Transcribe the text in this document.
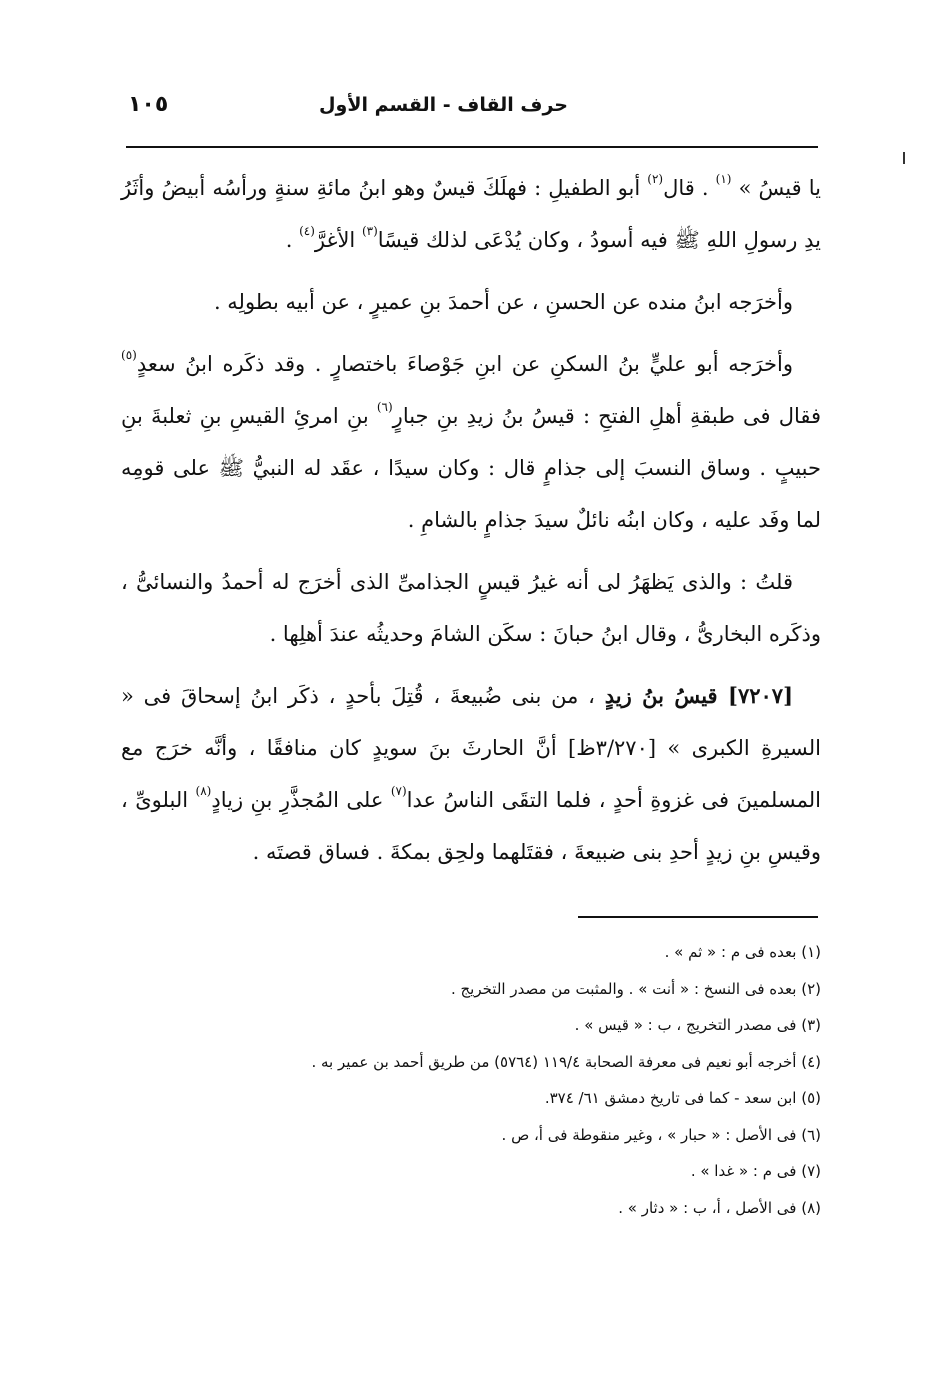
حرف القاف - القسم الأول
١٠٥

يا قيسُ » $^{(١)}$ . قال$^{(٢)}$ أبو الطفيلِ : فهلَكَ قيسٌ وهو ابنُ مائةِ سنةٍ ورأسُه أبيضُ وأثَرُ يدِ رسولِ اللهِ ﷺ فيه أسودُ ، وكان يُدْعَى لذلك قيسًا$^{(٣)}$ الأغرَّ$^{(٤)}$ .

وأخرَجه ابنُ منده عن الحسنِ ، عن أحمدَ بنِ عميرٍ ، عن أبيه بطولِه .

وأخرَجه أبو عليٍّ بنُ السكنِ عن ابنِ جَوْصاءَ باختصارٍ . وقد ذكَره ابنُ سعدٍ$^{(٥)}$ فقال فى طبقةِ أهلِ الفتحِ : قيسُ بنُ زيدِ بنِ جبارٍ$^{(٦)}$ بنِ امرئِ القيسِ بنِ ثعلبةَ بنِ حبيبٍ . وساق النسبَ إلى جذامٍ قال : وكان سيدًا ، عقَد له النبيُّ ﷺ على قومِه لما وفَد عليه ، وكان ابنُه نائلٌ سيدَ جذامٍ بالشامِ .

قلتُ : والذى يَظهَرُ لى أنه غيرُ قيسٍ الجذامىِّ الذى أخرَج له أحمدُ والنسائىُّ ، وذكَره البخارىُّ ، وقال ابنُ حبانَ : سكَن الشامَ وحديثُه عندَ أهلِها .

[٧٢٠٧] قيسُ بنُ زيدٍ ، من بنى ضُبيعةَ ، قُتِلَ بأحدٍ ، ذكَر ابنُ إسحاقَ فى « السيرةِ الكبرى » [٣/٢٧٠ظ] أنَّ الحارثَ بنَ سويدٍ كان منافقًا ، وأنَّه خرَج مع المسلمينَ فى غزوةِ أحدٍ ، فلما التقَى الناسُ عدا$^{(٧)}$ على المُجذَّرِ بنِ زيادٍ$^{(٨)}$ البلوىِّ ، وقيسِ بنِ زيدٍ أحدِ بنى ضبيعةَ ، فقتَلهما ولحِق بمكةَ . فساق قصتَه .

(١) بعده فى م : « ثم » .
(٢) بعده فى النسخ : « أنت » . والمثبت من مصدر التخريج .
(٣) فى مصدر التخريج ، ب : « قيس » .
(٤) أخرجه أبو نعيم فى معرفة الصحابة ١١٩/٤ (٥٧٦٤) من طريق أحمد بن عمير به .
(٥) ابن سعد - كما فى تاريخ دمشق ٦١/ ٣٧٤.
(٦) فى الأصل : « حبار » ، وغير منقوطة فى أ، ص .
(٧) فى م : « غدا » .
(٨) فى الأصل ، أ، ب : « دثار » .
